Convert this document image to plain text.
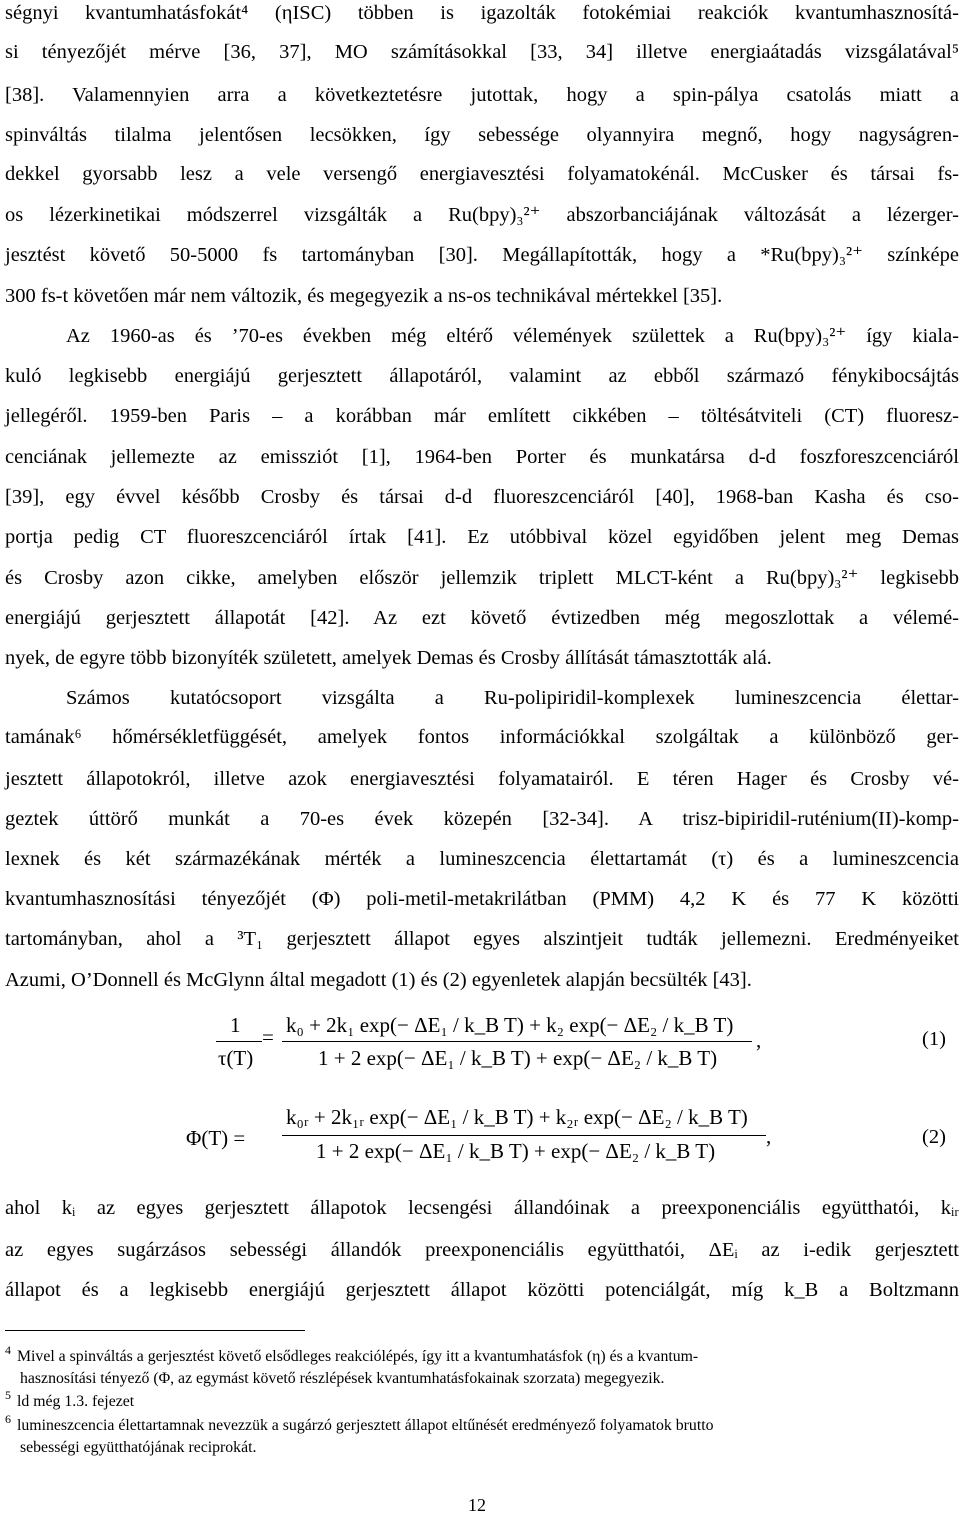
ségnyi kvantumhatásfokát⁴ (ηISC) többen is igazolták fotokémiai reakciók kvantumhasznosítá-
si tényezőjét mérve [36, 37], MO számításokkal [33, 34] illetve energiaátadás vizsgálatával⁵
[38]. Valamennyien arra a következtetésre jutottak, hogy a spin-pálya csatolás miatt a
spinváltás tilalma jelentősen lecsökken, így sebessége olyannyira megnő, hogy nagyságren-
dekkel gyorsabb lesz a vele versengő energiavesztési folyamatokénál. McCusker és társai fs-
os lézerkinetikai módszerrel vizsgálták a Ru(bpy)₃²⁺ abszorbanciájának változását a lézerger-
jesztést követő 50-5000 fs tartományban [30]. Megállapították, hogy a *Ru(bpy)₃²⁺ színképe
300 fs-t követően már nem változik, és megegyezik a ns-os technikával mértekkel [35].
Az 1960-as és ’70-es években még eltérő vélemények születtek a Ru(bpy)₃²⁺ így kiala-
kuló legkisebb energiájú gerjesztett állapotáról, valamint az ebből származó fénykibocsájtás
jellegéről. 1959-ben Paris – a korábban már említett cikkében – töltésátviteli (CT) fluoresz-
cenciának jellemezte az emissziót [1], 1964-ben Porter és munkatársa d-d foszforeszcenciáról
[39], egy évvel később Crosby és társai d-d fluoreszcenciáról [40], 1968-ban Kasha és cso-
portja pedig CT fluoreszcenciáról írtak [41]. Ez utóbbival közel egyidőben jelent meg Demas
és Crosby azon cikke, amelyben először jellemzik triplett MLCT-ként a Ru(bpy)₃²⁺ legkisebb
energiájú gerjesztett állapotát [42]. Az ezt követő évtizedben még megoszlottak a vélemé-
nyek, de egyre több bizonyíték született, amelyek Demas és Crosby állítását támasztották alá.
Számos kutatócsoport vizsgálta a Ru-polipiridil-komplexek lumineszcencia élettar-
tamának⁶ hőmérsékletfüggését, amelyek fontos információkkal szolgáltak a különböző ger-
jesztett állapotokról, illetve azok energiavesztési folyamatairól. E téren Hager és Crosby vé-
geztek úttörő munkát a 70-es évek közepén [32-34]. A trisz-bipiridil-ruténium(II)-komp-
lexnek és két származékának mérték a lumineszcencia élettartamát (τ) és a lumineszcencia
kvantumhasznosítási tényezőjét (Φ) poli-metil-metakrilátban (PMM) 4,2 K és 77 K közötti
tartományban, ahol a ³T₁ gerjesztett állapot egyes alszintjeit tudták jellemezni. Eredményeiket
Azumi, O’Donnell és McGlynn által megadott (1) és (2) egyenletek alapján becsülték [43].
1
τ(T)
= k₀ + 2k₁ exp(− ΔE₁ / k_B T) + k₂ exp(− ΔE₂ / k_B T)
1 + 2 exp(− ΔE₁ / k_B T) + exp(− ΔE₂ / k_B T)
,	(1)
Φ(T) =
k₀ᵣ + 2k₁ᵣ exp(− ΔE₁ / k_B T) + k₂ᵣ exp(− ΔE₂ / k_B T)
1 + 2 exp(− ΔE₁ / k_B T) + exp(− ΔE₂ / k_B T)
,	(2)
ahol kᵢ az egyes gerjesztett állapotok lecsengési állandóinak a preexponenciális együtthatói, kᵢᵣ
az egyes sugárzásos sebességi állandók preexponenciális együtthatói, ΔEᵢ az i-edik gerjesztett
állapot és a legkisebb energiájú gerjesztett állapot közötti potenciálgát, míg k_B a Boltzmann
$^4$ Mivel a spinváltás a gerjesztést követő elsődleges reakciólépés, így itt a kvantumhatásfok (η) és a kvantum-
hasznosítási tényező (Φ, az egymást követő részlépések kvantumhatásfokainak szorzata) megegyezik.
$^5$ ld még 1.3. fejezet
$^6$ lumineszcencia élettartamnak nevezzük a sugárzó gerjesztett állapot eltűnését eredményező folyamatok brutto
sebességi együtthatójának reciprokát.
12
